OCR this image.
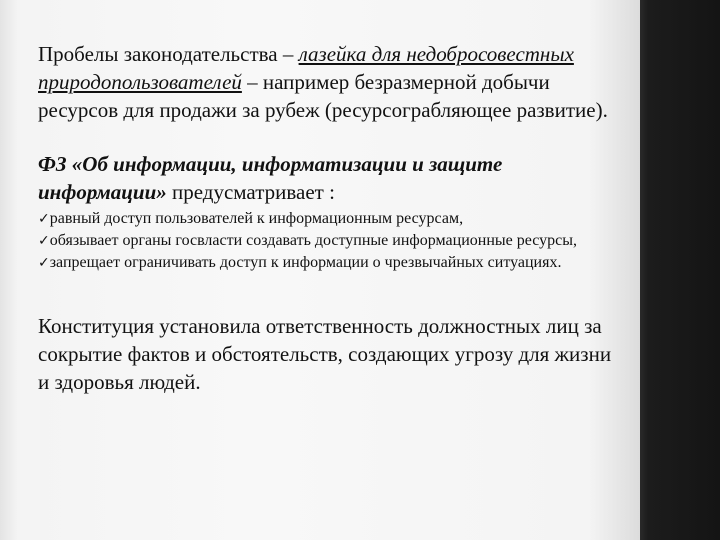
Пробелы законодательства – лазейка для недобросовестных природопользователей – например безразмерной добычи ресурсов для продажи за рубеж (ресурсограбляющее развитие).

ФЗ «Об информации, информатизации и защите информации» предусматривает :

✓равный доступ пользователей к информационным ресурсам,
✓обязывает органы госвласти создавать доступные информационные ресурсы,
✓запрещает ограничивать доступ к информации о чрезвычайных ситуациях.

Конституция установила ответственность должностных лиц за сокрытие фактов и обстоятельств, создающих угрозу для жизни и здоровья людей.
